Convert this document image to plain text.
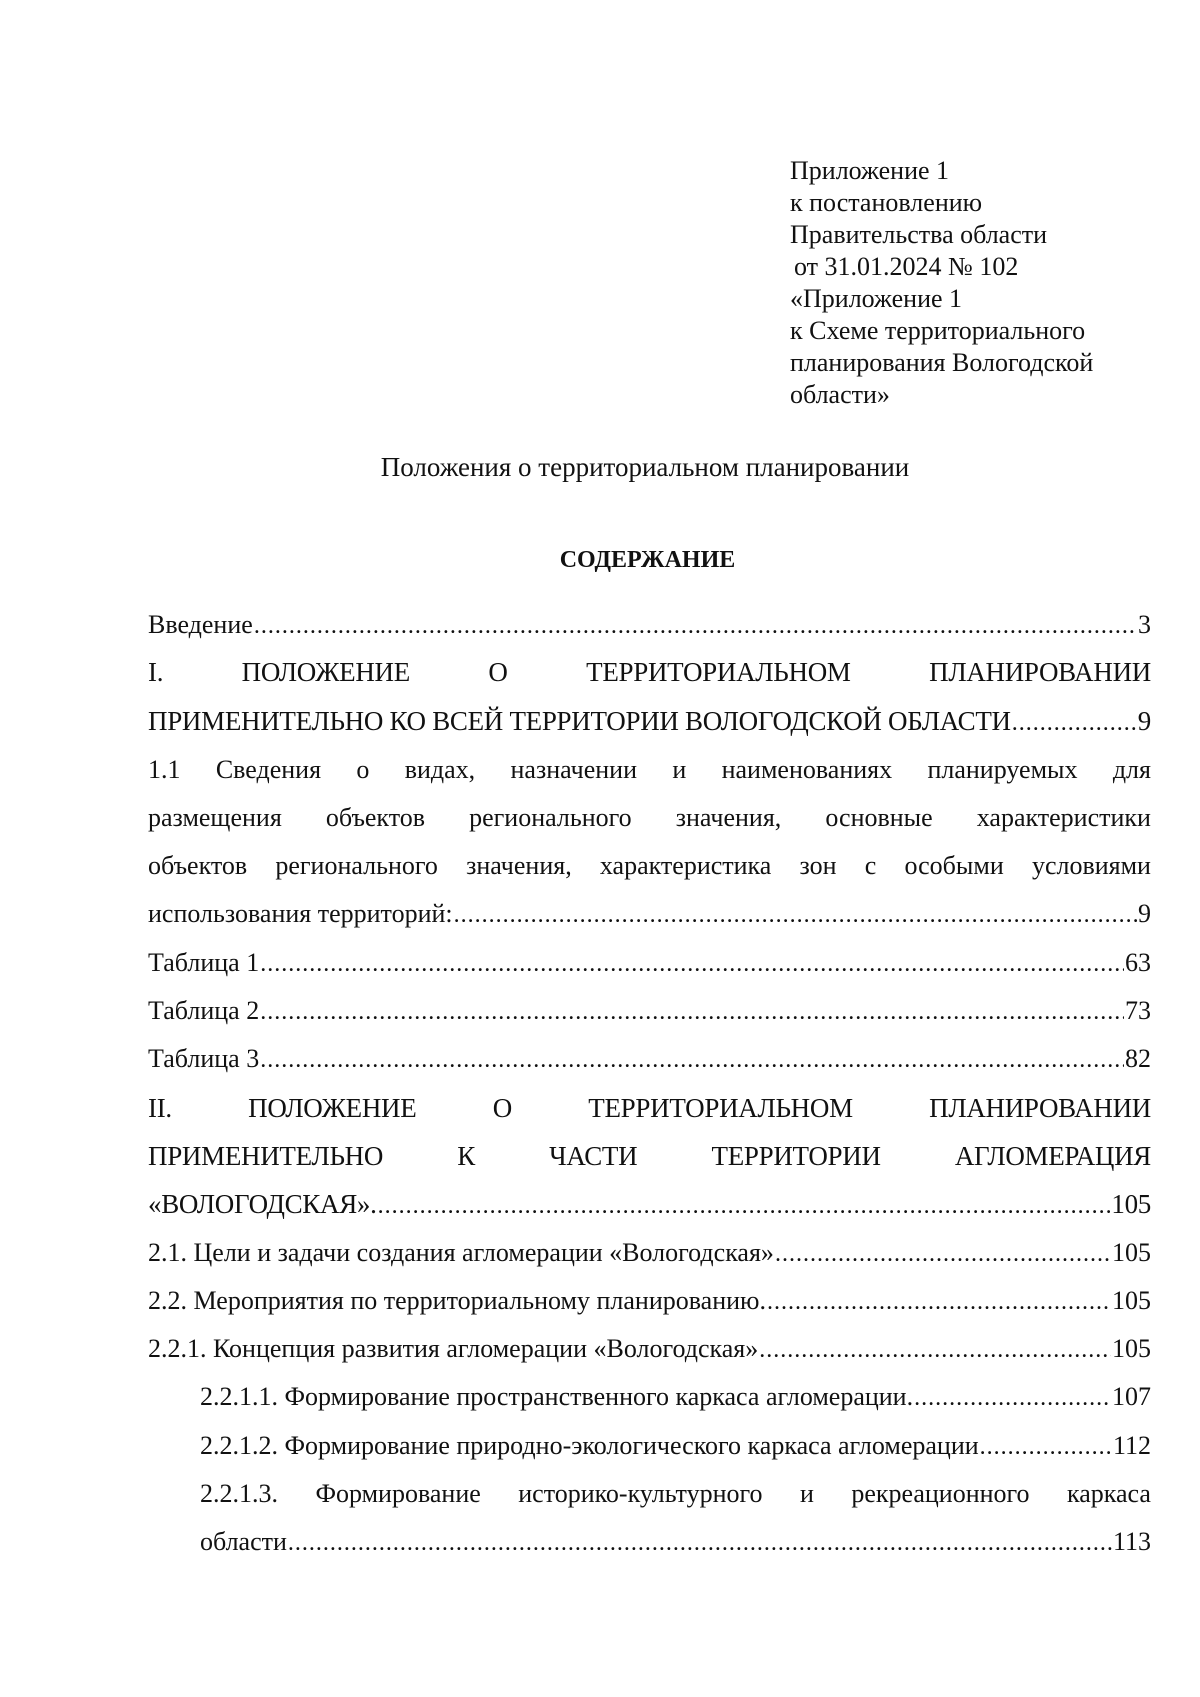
Приложение 1
к постановлению
Правительства области
от 31.01.2024 № 102
«Приложение 1
к Схеме территориального
планирования Вологодской
области»
Положения о территориальном планировании
СОДЕРЖАНИЕ
Введение .....	3
I.	ПОЛОЖЕНИЕ	О	ТЕРРИТОРИАЛЬНОМ	ПЛАНИРОВАНИИ
ПРИМЕНИТЕЛЬНО КО ВСЕЙ ТЕРРИТОРИИ ВОЛОГОДСКОЙ ОБЛАСТИ .....	9
1.1 Сведения о видах, назначении и наименованиях планируемых для
размещения объектов регионального значения, основные характеристики
объектов регионального значения, характеристика зон с особыми условиями
использования территорий: .....	9
Таблица 1 .....	63
Таблица 2 .....	73
Таблица 3 .....	82
II.	ПОЛОЖЕНИЕ	О	ТЕРРИТОРИАЛЬНОМ	ПЛАНИРОВАНИИ
ПРИМЕНИТЕЛЬНО	К	ЧАСТИ	ТЕРРИТОРИИ	АГЛОМЕРАЦИЯ
«ВОЛОГОДСКАЯ». .....	105
2.1. Цели и задачи создания агломерации «Вологодская» .....	105
2.2. Мероприятия по территориальному планированию. .....	105
2.2.1. Концепция развития агломерации «Вологодская» .....	105
2.2.1.1. Формирование пространственного каркаса агломерации. .....	107
2.2.1.2. Формирование природно-экологического каркаса агломерации .....	112
2.2.1.3. Формирование историко-культурного и рекреационного каркаса
области .....	113
